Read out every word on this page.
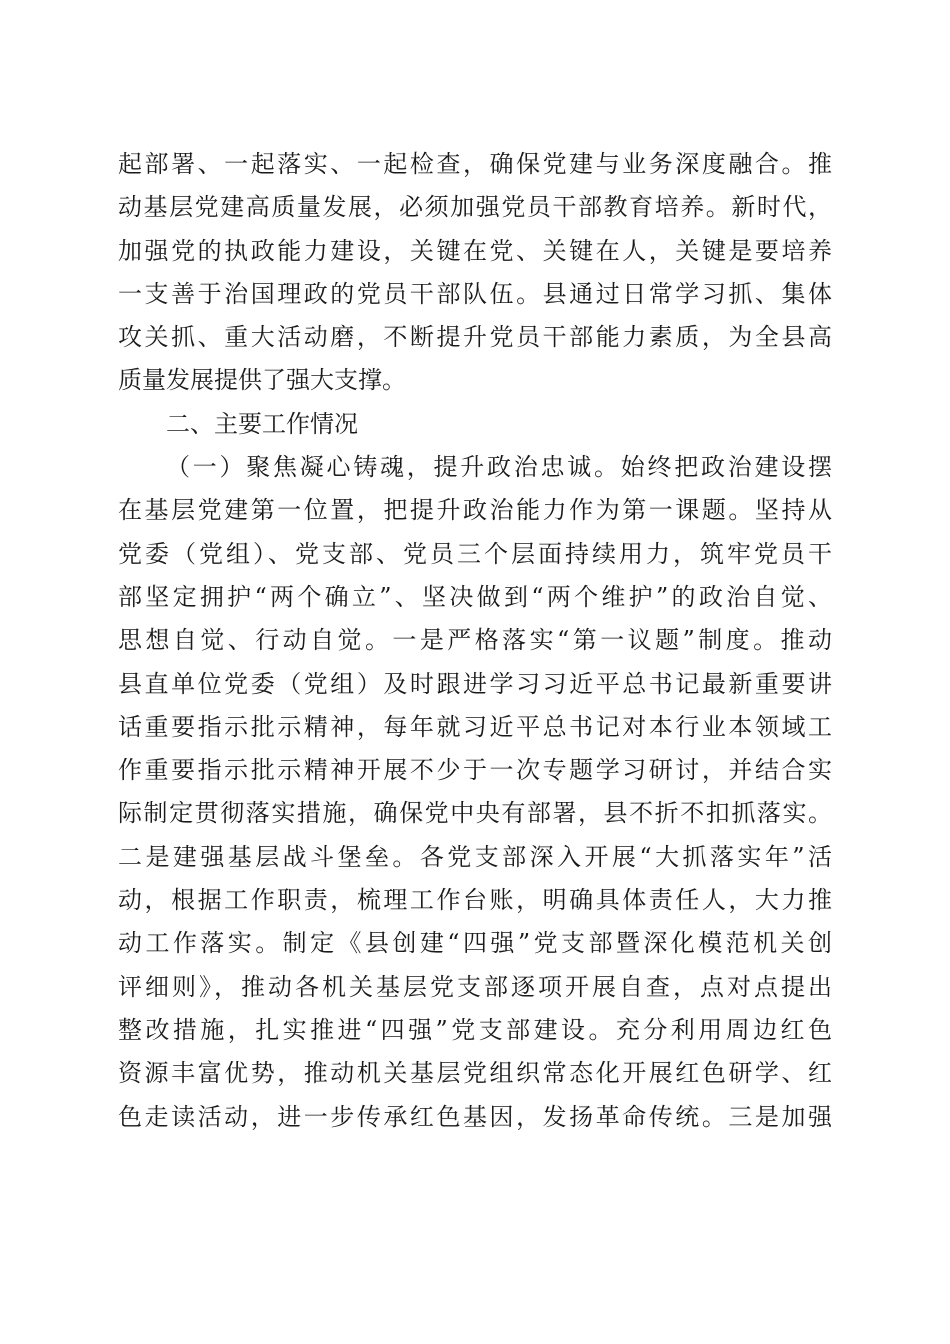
起部署、一起落实、一起检查，确保党建与业务深度融合。推
动基层党建高质量发展，必须加强党员干部教育培养。新时代，
加强党的执政能力建设，关键在党、关键在人，关键是要培养
一支善于治国理政的党员干部队伍。县通过日常学习抓、集体
攻关抓、重大活动磨，不断提升党员干部能力素质，为全县高
质量发展提供了强大支撑。
二、主要工作情况
（一）聚焦凝心铸魂，提升政治忠诚。始终把政治建设摆
在基层党建第一位置，把提升政治能力作为第一课题。坚持从
党委（党组）、党支部、党员三个层面持续用力，筑牢党员干
部坚定拥护“两个确立”、坚决做到“两个维护”的政治自觉、
思想自觉、行动自觉。一是严格落实“第一议题”制度。推动
县直单位党委（党组）及时跟进学习习近平总书记最新重要讲
话重要指示批示精神，每年就习近平总书记对本行业本领域工
作重要指示批示精神开展不少于一次专题学习研讨，并结合实
际制定贯彻落实措施，确保党中央有部署，县不折不扣抓落实。
二是建强基层战斗堡垒。各党支部深入开展“大抓落实年”活
动，根据工作职责，梳理工作台账，明确具体责任人，大力推
动工作落实。制定《县创建“四强”党支部暨深化模范机关创
评细则》，推动各机关基层党支部逐项开展自查，点对点提出
整改措施，扎实推进“四强”党支部建设。充分利用周边红色
资源丰富优势，推动机关基层党组织常态化开展红色研学、红
色走读活动，进一步传承红色基因，发扬革命传统。三是加强
